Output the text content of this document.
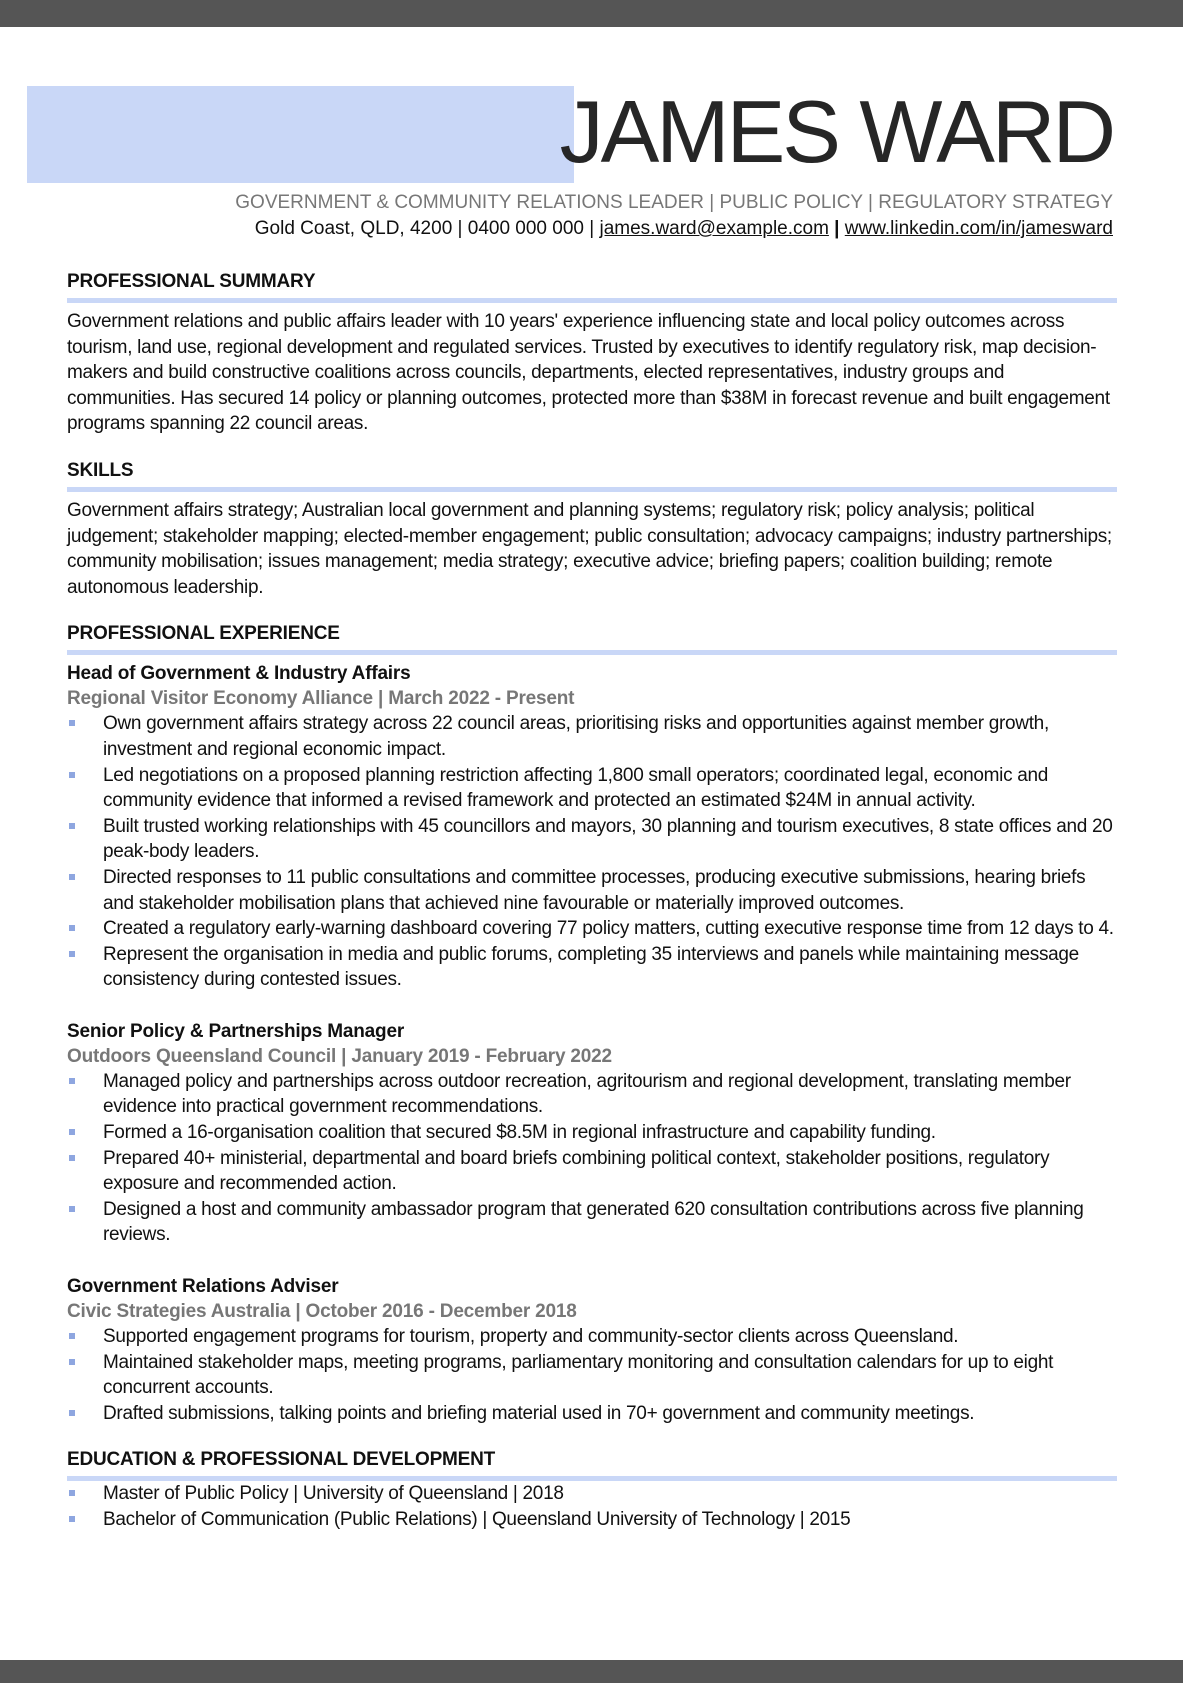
JAMES WARD
GOVERNMENT & COMMUNITY RELATIONS LEADER | PUBLIC POLICY | REGULATORY STRATEGY
Gold Coast, QLD, 4200 | 0400 000 000 | james.ward@example.com | www.linkedin.com/in/jamesward
PROFESSIONAL SUMMARY

Government relations and public affairs leader with 10 years' experience influencing state and local policy outcomes across tourism, land use, regional development and regulated services. Trusted by executives to identify regulatory risk, map decision-makers and build constructive coalitions across councils, departments, elected representatives, industry groups and communities. Has secured 14 policy or planning outcomes, protected more than $38M in forecast revenue and built engagement programs spanning 22 council areas.

SKILLS

Government affairs strategy; Australian local government and planning systems; regulatory risk; policy analysis; political judgement; stakeholder mapping; elected-member engagement; public consultation; advocacy campaigns; industry partnerships; community mobilisation; issues management; media strategy; executive advice; briefing papers; coalition building; remote autonomous leadership.

PROFESSIONAL EXPERIENCE
Head of Government & Industry Affairs
Regional Visitor Economy Alliance | March 2022 - Present
Own government affairs strategy across 22 council areas, prioritising risks and opportunities against member growth, investment and regional economic impact.
Led negotiations on a proposed planning restriction affecting 1,800 small operators; coordinated legal, economic and community evidence that informed a revised framework and protected an estimated $24M in annual activity.
Built trusted working relationships with 45 councillors and mayors, 30 planning and tourism executives, 8 state offices and 20 peak-body leaders.
Directed responses to 11 public consultations and committee processes, producing executive submissions, hearing briefs and stakeholder mobilisation plans that achieved nine favourable or materially improved outcomes.
Created a regulatory early-warning dashboard covering 77 policy matters, cutting executive response time from 12 days to 4.
Represent the organisation in media and public forums, completing 35 interviews and panels while maintaining message consistency during contested issues.
Senior Policy & Partnerships Manager
Outdoors Queensland Council | January 2019 - February 2022
Managed policy and partnerships across outdoor recreation, agritourism and regional development, translating member evidence into practical government recommendations.
Formed a 16-organisation coalition that secured $8.5M in regional infrastructure and capability funding.
Prepared 40+ ministerial, departmental and board briefs combining political context, stakeholder positions, regulatory exposure and recommended action.
Designed a host and community ambassador program that generated 620 consultation contributions across five planning reviews.
Government Relations Adviser
Civic Strategies Australia | October 2016 - December 2018
Supported engagement programs for tourism, property and community-sector clients across Queensland.
Maintained stakeholder maps, meeting programs, parliamentary monitoring and consultation calendars for up to eight concurrent accounts.
Drafted submissions, talking points and briefing material used in 70+ government and community meetings.
EDUCATION & PROFESSIONAL DEVELOPMENT
Master of Public Policy | University of Queensland | 2018
Bachelor of Communication (Public Relations) | Queensland University of Technology | 2015
